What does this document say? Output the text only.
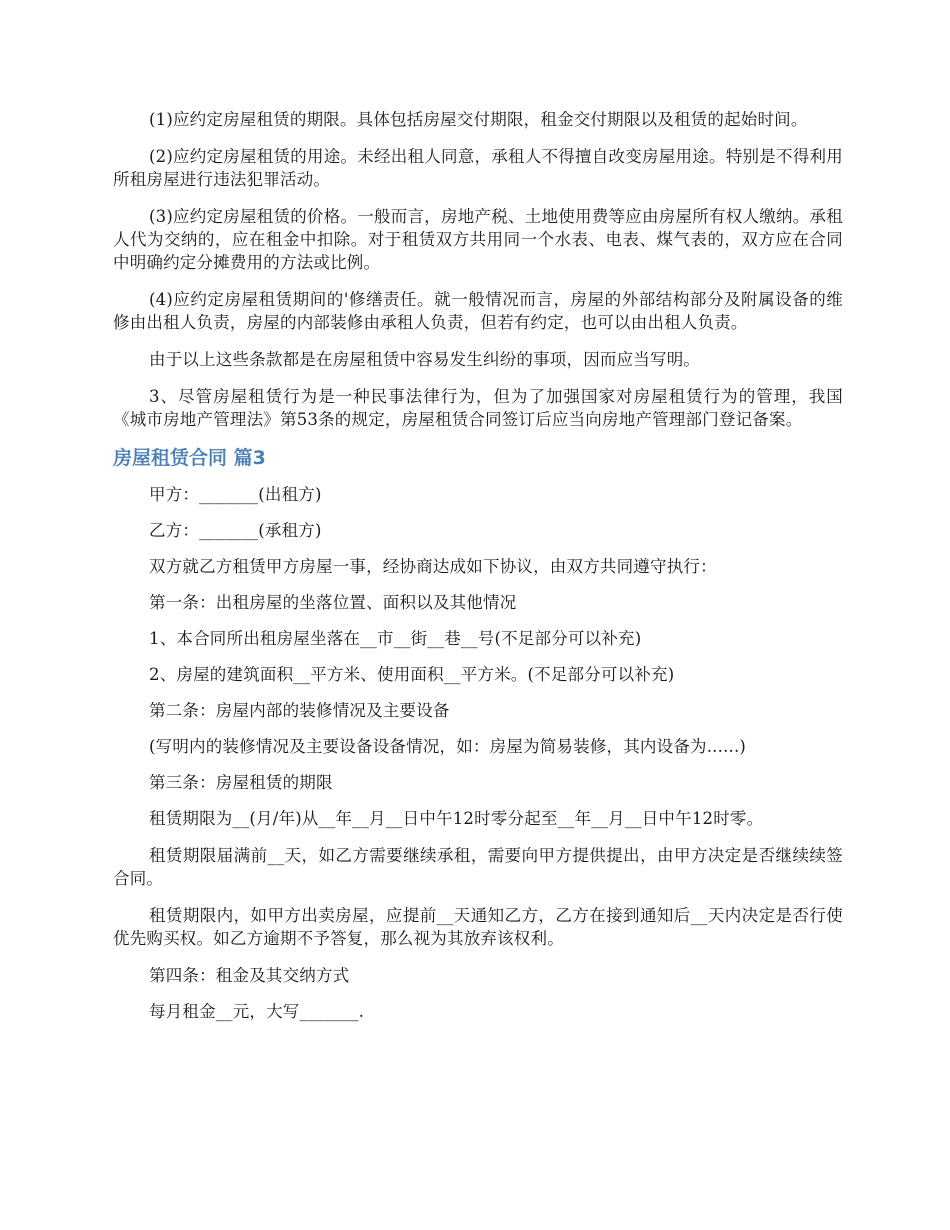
(1)应约定房屋租赁的期限。具体包括房屋交付期限，租金交付期限以及租赁的起始时间。

(2)应约定房屋租赁的用途。未经出租人同意，承租人不得擅自改变房屋用途。特别是不得利用所租房屋进行违法犯罪活动。

(3)应约定房屋租赁的价格。一般而言，房地产税、土地使用费等应由房屋所有权人缴纳。承租人代为交纳的，应在租金中扣除。对于租赁双方共用同一个水表、电表、煤气表的，双方应在合同中明确约定分摊费用的方法或比例。

(4)应约定房屋租赁期间的'修缮责任。就一般情况而言，房屋的外部结构部分及附属设备的维修由出租人负责，房屋的内部装修由承租人负责，但若有约定，也可以由出租人负责。

由于以上这些条款都是在房屋租赁中容易发生纠纷的事项，因而应当写明。

3、尽管房屋租赁行为是一种民事法律行为，但为了加强国家对房屋租赁行为的管理，我国《城市房地产管理法》第53条的规定，房屋租赁合同签订后应当向房地产管理部门登记备案。

房屋租赁合同 篇3

甲方：_______(出租方)

乙方：_______(承租方)

双方就乙方租赁甲方房屋一事，经协商达成如下协议，由双方共同遵守执行：

第一条：出租房屋的坐落位置、面积以及其他情况

1、本合同所出租房屋坐落在__市__街__巷__号(不足部分可以补充)

2、房屋的建筑面积__平方米、使用面积__平方米。(不足部分可以补充)

第二条：房屋内部的装修情况及主要设备

(写明内的装修情况及主要设备设备情况，如：房屋为简易装修，其内设备为......)

第三条：房屋租赁的期限

租赁期限为__(月/年)从__年__月__日中午12时零分起至__年__月__日中午12时零。

租赁期限届满前__天，如乙方需要继续承租，需要向甲方提供提出，由甲方决定是否继续续签合同。

租赁期限内，如甲方出卖房屋，应提前__天通知乙方，乙方在接到通知后__天内决定是否行使优先购买权。如乙方逾期不予答复，那么视为其放弃该权利。

第四条：租金及其交纳方式

每月租金__元，大写_______.
